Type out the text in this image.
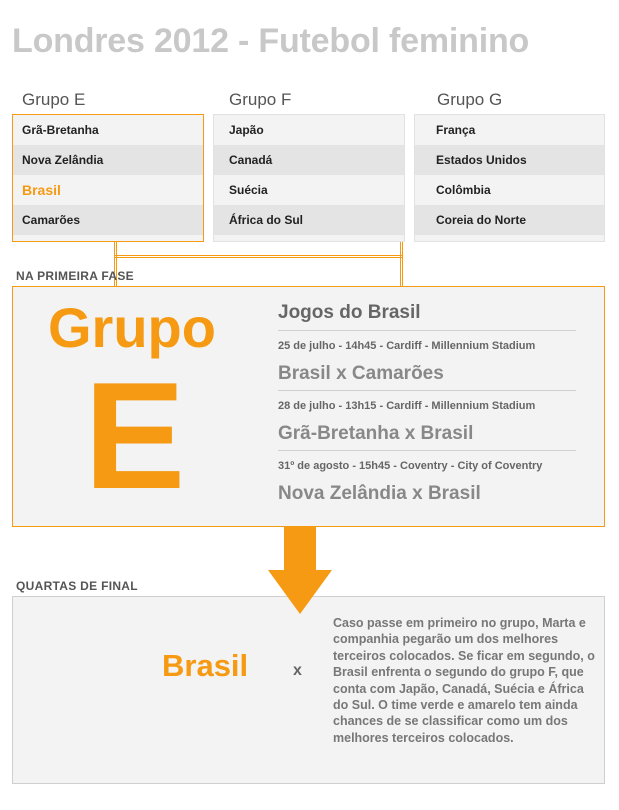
Londres 2012 - Futebol feminino
Grupo E
Grã-Bretanha
Nova Zelândia
Brasil
Camarões
Grupo F
Japão
Canadá
Suécia
África do Sul
Grupo G
França
Estados Unidos
Colômbia
Coreia do Norte
NA PRIMEIRA FASE
Grupo
E
Jogos do Brasil
25 de julho - 14h45 - Cardiff - Millennium Stadium
Brasil x Camarões
28 de julho - 13h15 - Cardiff - Millennium Stadium
Grã-Bretanha x Brasil
31º de agosto - 15h45 - Coventry - City of Coventry
Nova Zelândia x Brasil
QUARTAS DE FINAL
Brasil	x
Caso passe em primeiro no grupo, Marta e companhia pegarão um dos melhores terceiros colocados. Se ficar em segundo, o Brasil enfrenta o segundo do grupo F, que conta com Japão, Canadá, Suécia e África do Sul. O time verde e amarelo tem ainda chances de se classificar como um dos melhores terceiros colocados.
